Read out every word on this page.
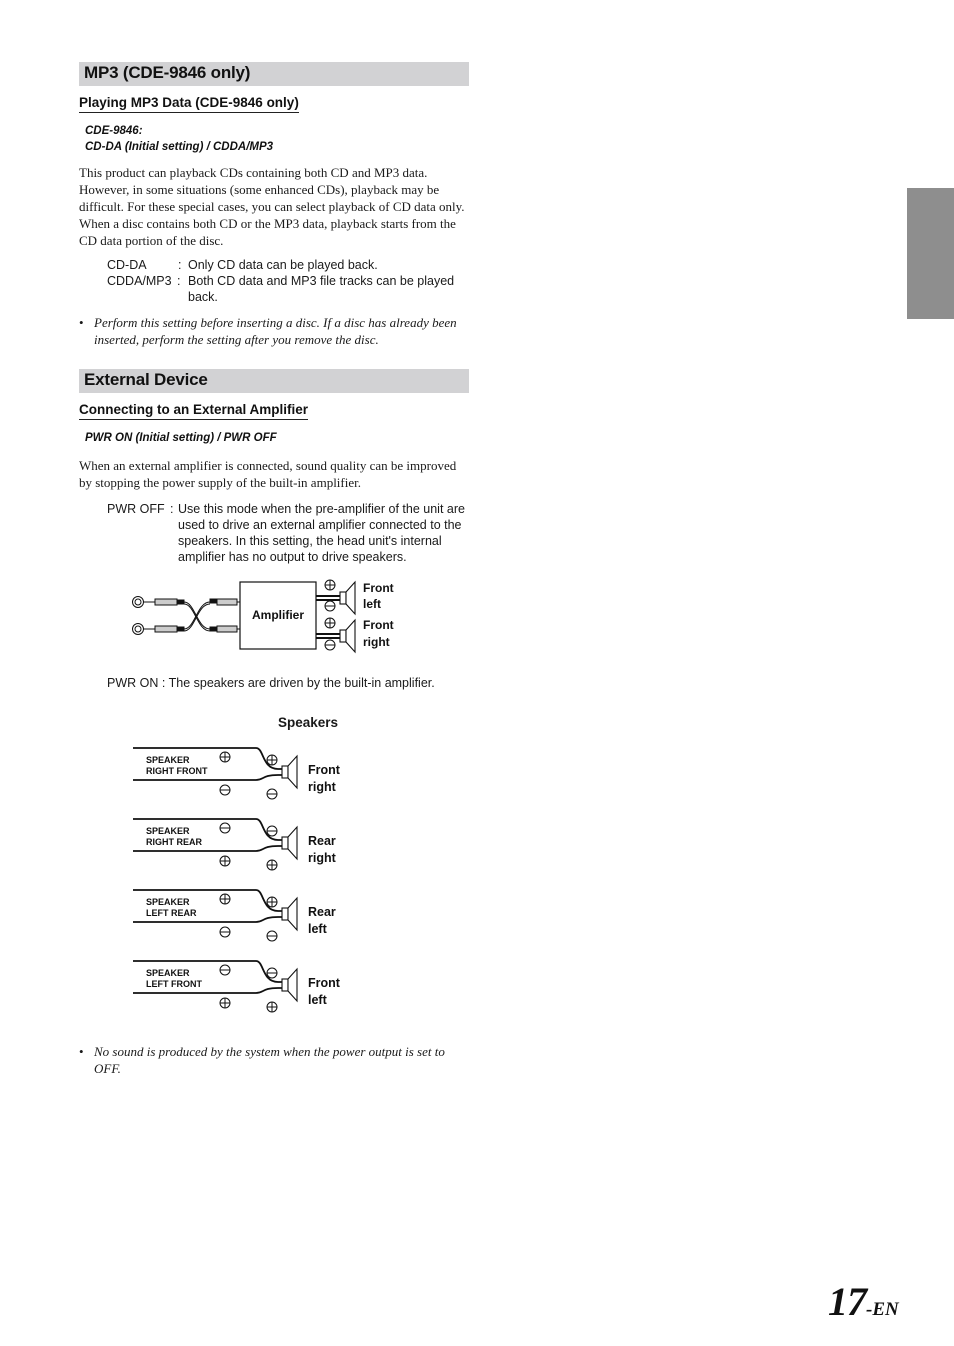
MP3 (CDE-9846 only)
Playing MP3 Data (CDE-9846 only)
CDE-9846:
CD-DA (Initial setting) / CDDA/MP3
This product can playback CDs containing both CD and MP3 data. However, in some situations (some enhanced CDs), playback may be difficult. For these special cases, you can select playback of CD data only. When a disc contains both CD or the MP3 data, playback starts from the CD data portion of the disc.
CD-DA	: Only CD data can be played back.
CDDA/MP3 : Both CD data and MP3 file tracks can be played back.
• Perform this setting before inserting a disc. If a disc has already been inserted, perform the setting after you remove the disc.
External Device
Connecting to an External Amplifier
PWR ON (Initial setting) / PWR OFF
When an external amplifier is connected, sound quality can be improved by stopping the power supply of the built-in amplifier.
PWR OFF : Use this mode when the pre-amplifier of the unit are used to drive an external amplifier connected to the speakers. In this setting, the head unit's internal amplifier has no output to drive speakers.
Amplifier
Front
left
Front
right
PWR ON : The speakers are driven by the built-in amplifier.
Speakers
SPEAKER
RIGHT FRONT	Front
right
SPEAKER
RIGHT REAR	Rear
right
SPEAKER
LEFT REAR	Rear
left
SPEAKER
LEFT FRONT	Front
left
• No sound is produced by the system when the power output is set to OFF.
17-EN
